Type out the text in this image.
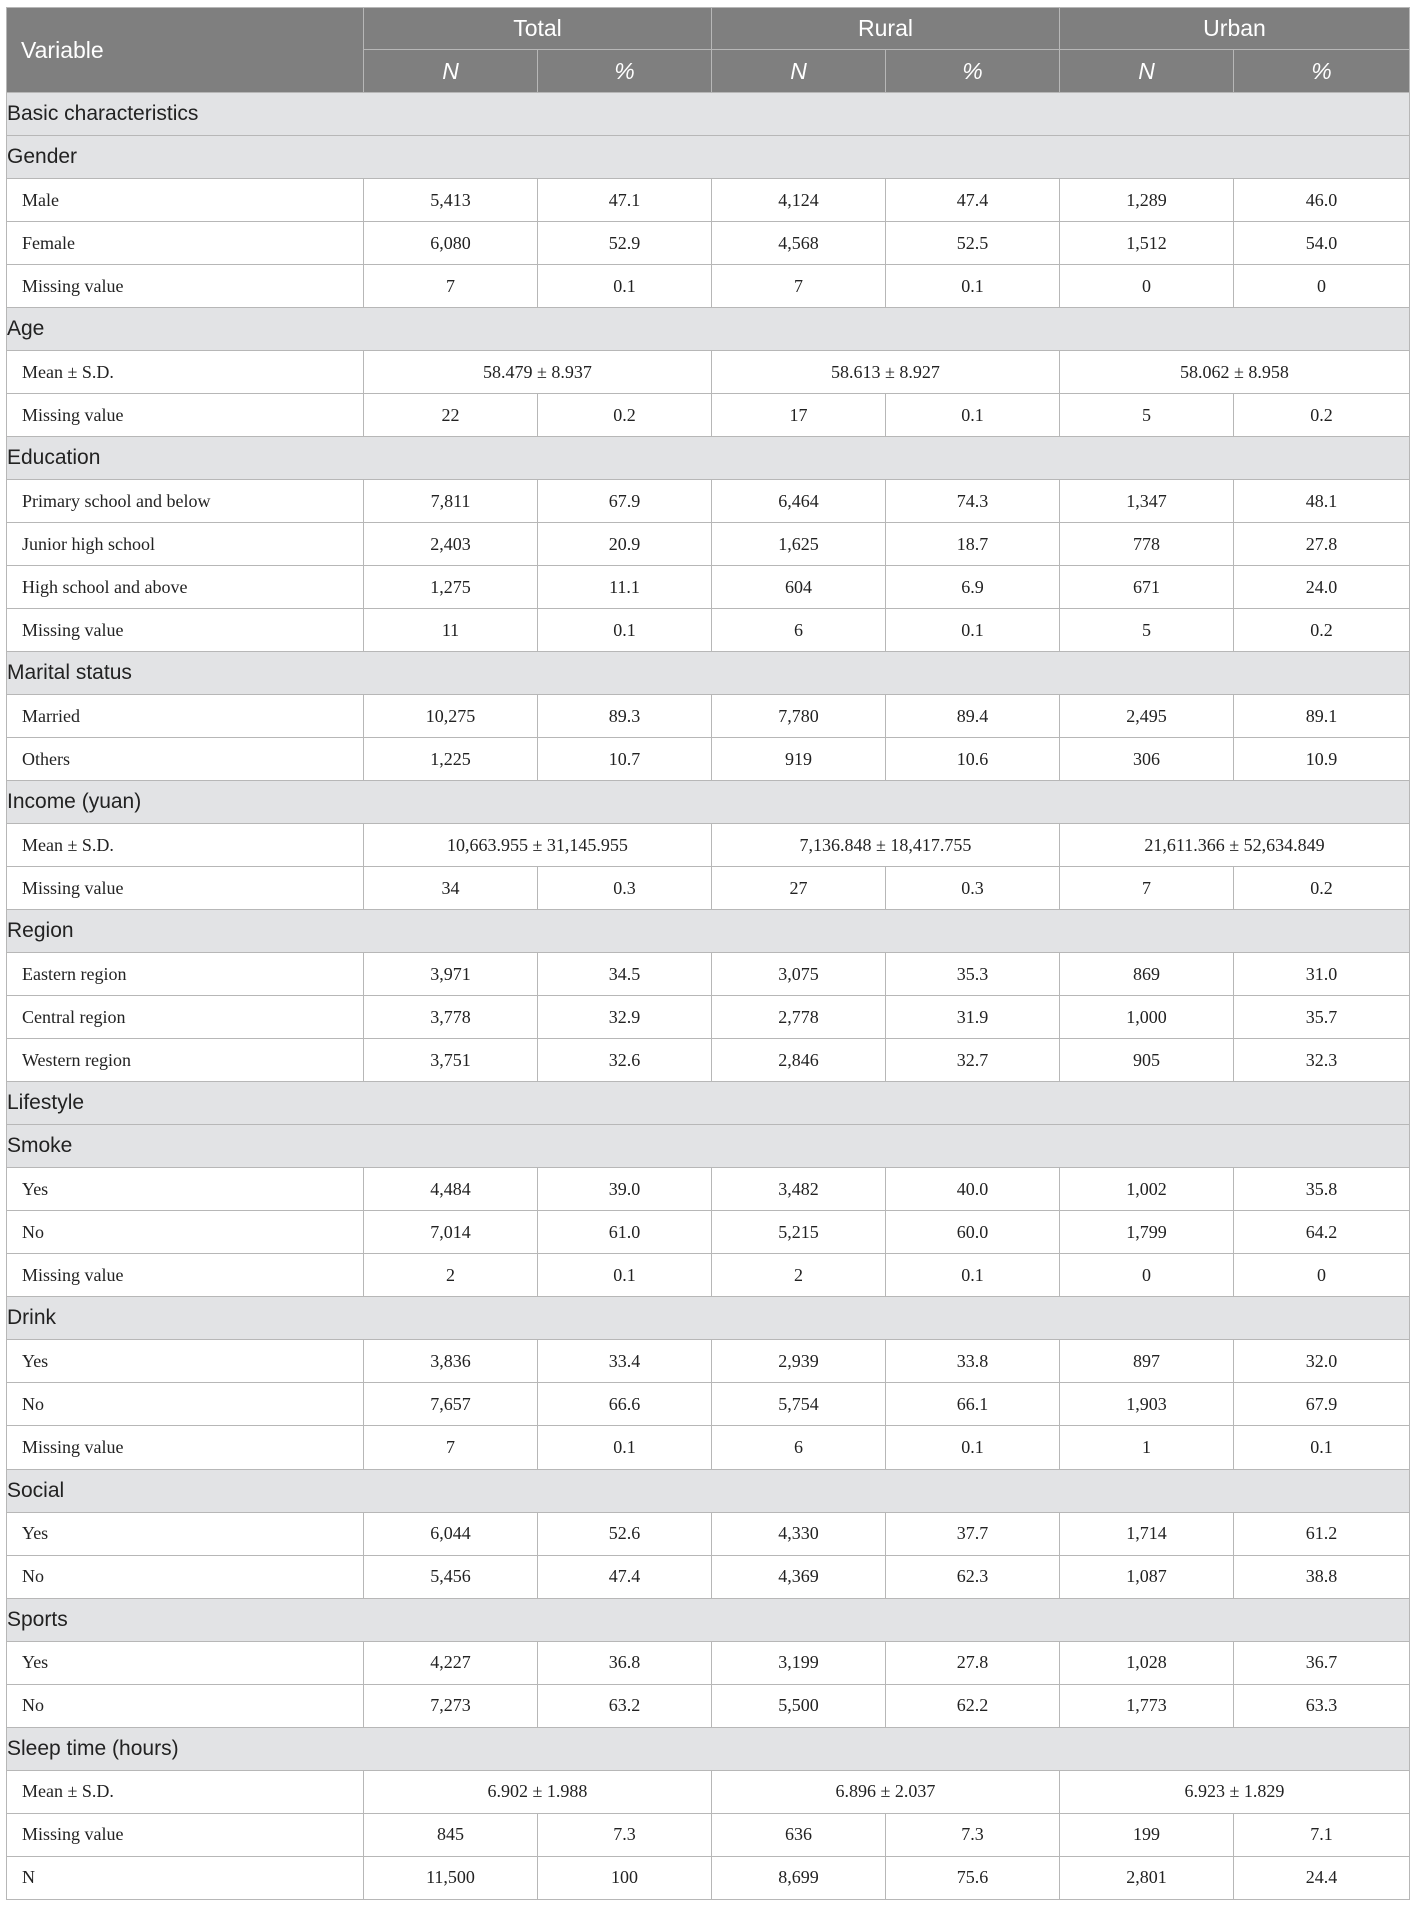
Variable	Total		Rural		Urban	
	N	%	N	%	N	%
Basic characteristics						
Gender						
Male	5,413	47.1	4,124	47.4	1,289	46.0
Female	6,080	52.9	4,568	52.5	1,512	54.0
Missing value	7	0.1	7	0.1	0	0
Age						
Mean ± S.D.	58.479 ± 8.937		58.613 ± 8.927		58.062 ± 8.958	
Missing value	22	0.2	17	0.1	5	0.2
Education						
Primary school and below	7,811	67.9	6,464	74.3	1,347	48.1
Junior high school	2,403	20.9	1,625	18.7	778	27.8
High school and above	1,275	11.1	604	6.9	671	24.0
Missing value	11	0.1	6	0.1	5	0.2
Marital status						
Married	10,275	89.3	7,780	89.4	2,495	89.1
Others	1,225	10.7	919	10.6	306	10.9
Income (yuan)						
Mean ± S.D.	10,663.955 ± 31,145.955		7,136.848 ± 18,417.755		21,611.366 ± 52,634.849	
Missing value	34	0.3	27	0.3	7	0.2
Region						
Eastern region	3,971	34.5	3,075	35.3	869	31.0
Central region	3,778	32.9	2,778	31.9	1,000	35.7
Western region	3,751	32.6	2,846	32.7	905	32.3
Lifestyle						
Smoke						
Yes	4,484	39.0	3,482	40.0	1,002	35.8
No	7,014	61.0	5,215	60.0	1,799	64.2
Missing value	2	0.1	2	0.1	0	0
Drink						
Yes	3,836	33.4	2,939	33.8	897	32.0
No	7,657	66.6	5,754	66.1	1,903	67.9
Missing value	7	0.1	6	0.1	1	0.1
Social						
Yes	6,044	52.6	4,330	37.7	1,714	61.2
No	5,456	47.4	4,369	62.3	1,087	38.8
Sports						
Yes	4,227	36.8	3,199	27.8	1,028	36.7
No	7,273	63.2	5,500	62.2	1,773	63.3
Sleep time (hours)						
Mean ± S.D.	6.902 ± 1.988		6.896 ± 2.037		6.923 ± 1.829	
Missing value	845	7.3	636	7.3	199	7.1
N	11,500	100	8,699	75.6	2,801	24.4
